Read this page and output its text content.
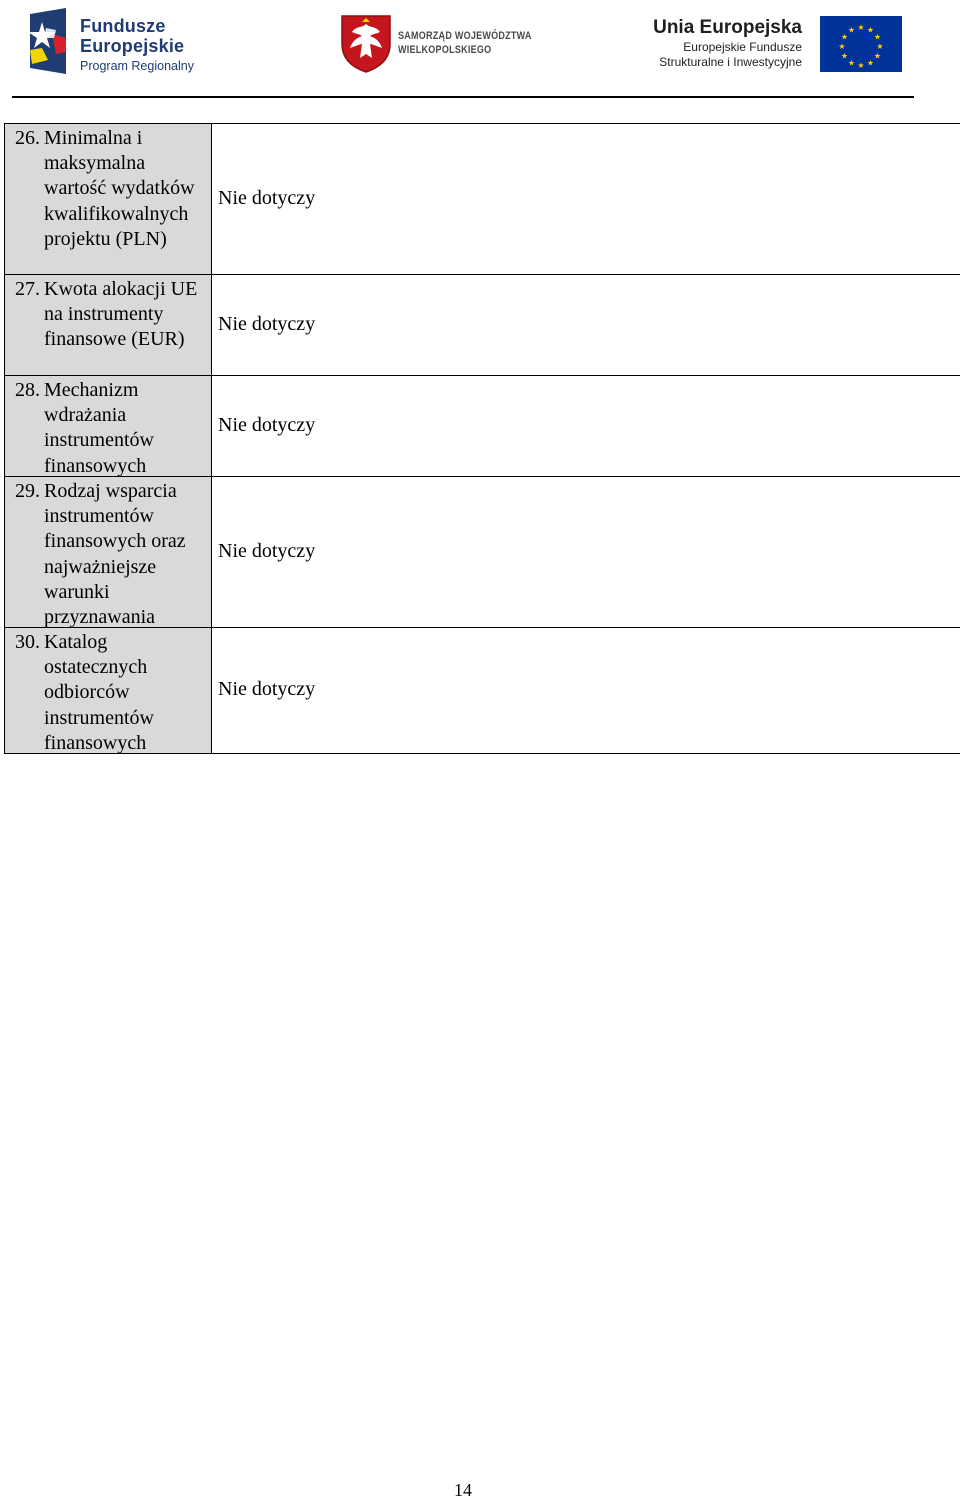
Fundusze
Europejskie
Program Regionalny
SAMORZĄD WOJEWÓDZTWA
WIELKOPOLSKIEGO
Unia Europejska
Europejskie Fundusze
Strukturalne i Inwestycyjne
★ ★
★
★
★
★
★
★
★
★
★
★
26. Minimalna i maksymalna wartość wydatków kwalifikowalnych projektu (PLN)
Nie dotyczy
27. Kwota alokacji UE na instrumenty finansowe (EUR)
Nie dotyczy
28. Mechanizm wdrażania instrumentów finansowych
Nie dotyczy
29. Rodzaj wsparcia instrumentów finansowych oraz najważniejsze warunki przyznawania
Nie dotyczy
30. Katalog ostatecznych odbiorców instrumentów finansowych
Nie dotyczy
14
